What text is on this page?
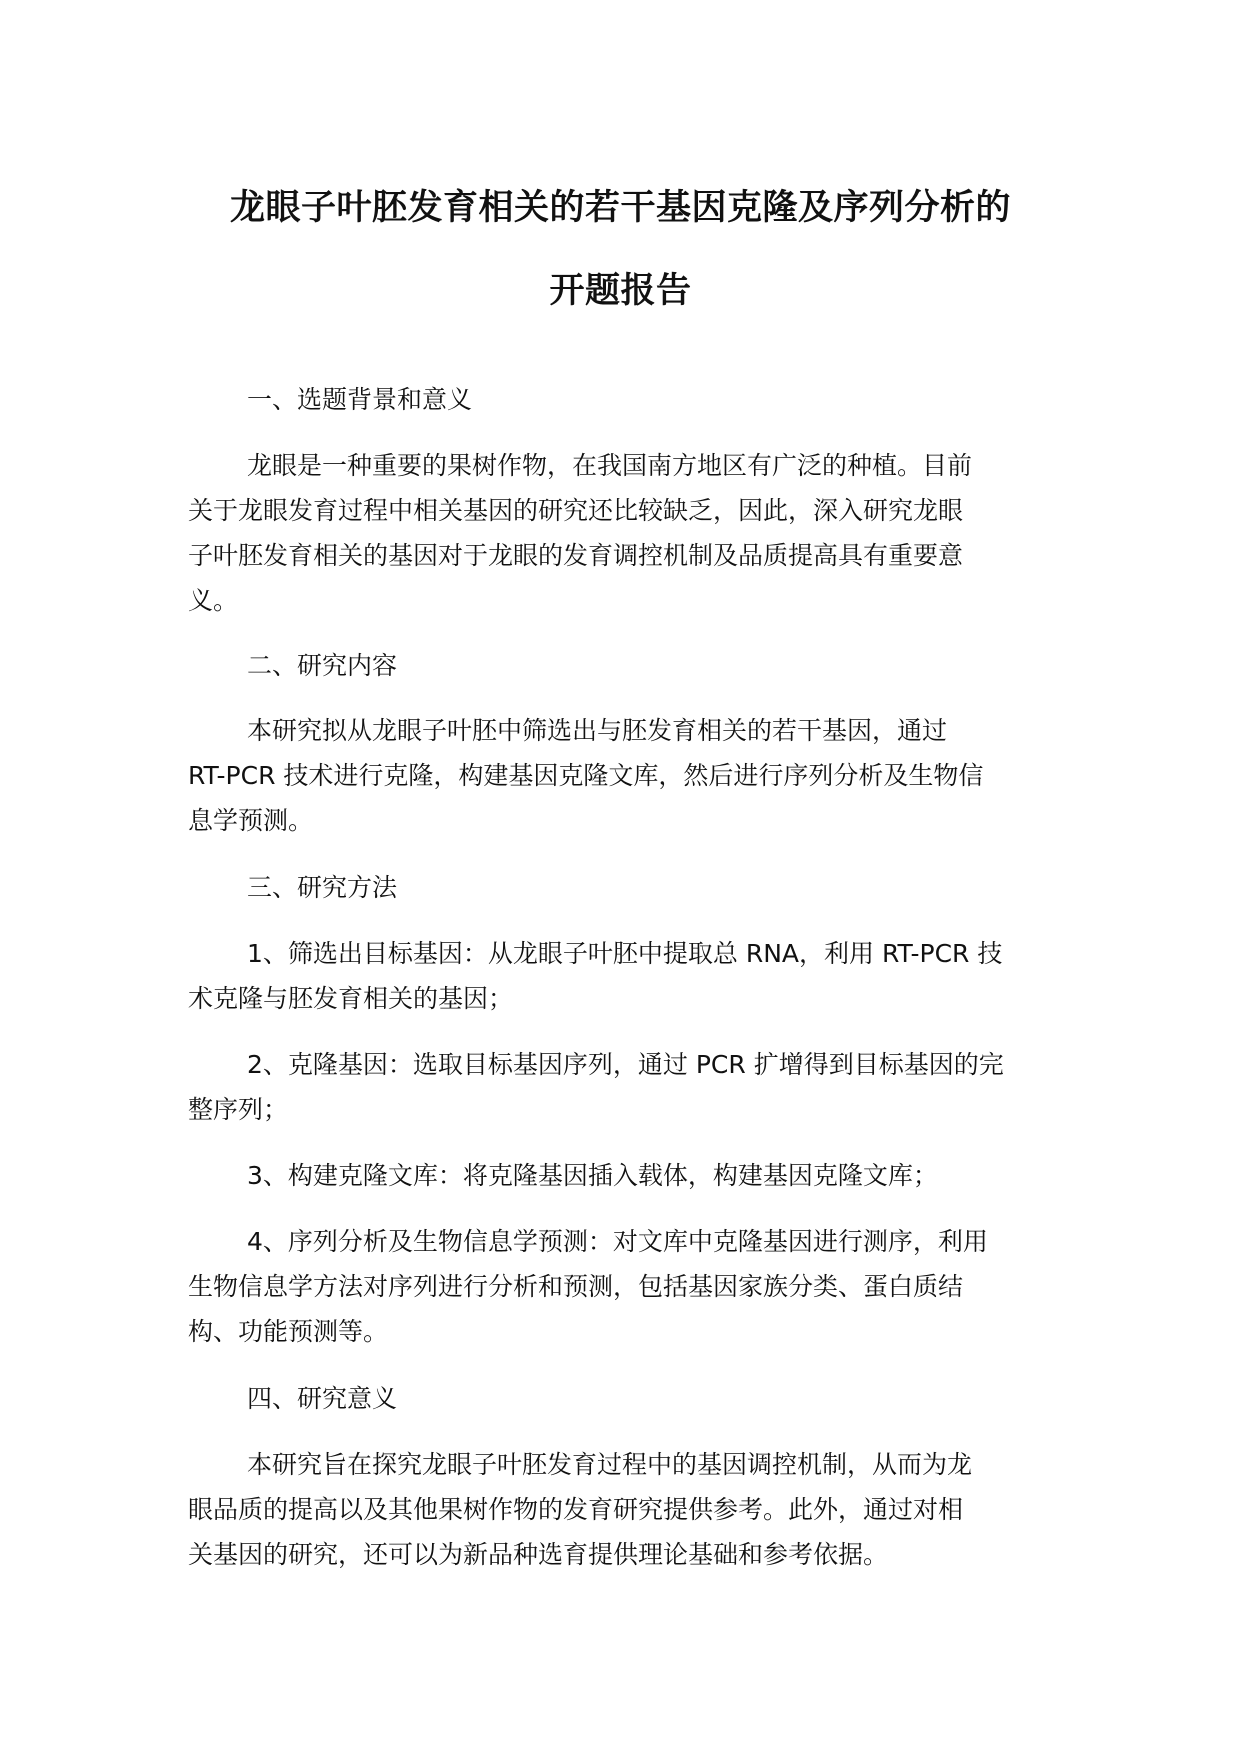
龙眼子叶胚发育相关的若干基因克隆及序列分析的
开题报告
一、选题背景和意义
龙眼是一种重要的果树作物，在我国南方地区有广泛的种植。目前
关于龙眼发育过程中相关基因的研究还比较缺乏，因此，深入研究龙眼
子叶胚发育相关的基因对于龙眼的发育调控机制及品质提高具有重要意
义。
二、研究内容
本研究拟从龙眼子叶胚中筛选出与胚发育相关的若干基因，通过
RT-PCR 技术进行克隆，构建基因克隆文库，然后进行序列分析及生物信
息学预测。
三、研究方法
1、筛选出目标基因：从龙眼子叶胚中提取总 RNA，利用 RT-PCR 技
术克隆与胚发育相关的基因；
2、克隆基因：选取目标基因序列，通过 PCR 扩增得到目标基因的完
整序列；
3、构建克隆文库：将克隆基因插入载体，构建基因克隆文库；
4、序列分析及生物信息学预测：对文库中克隆基因进行测序，利用
生物信息学方法对序列进行分析和预测，包括基因家族分类、蛋白质结
构、功能预测等。
四、研究意义
本研究旨在探究龙眼子叶胚发育过程中的基因调控机制，从而为龙
眼品质的提高以及其他果树作物的发育研究提供参考。此外，通过对相
关基因的研究，还可以为新品种选育提供理论基础和参考依据。
